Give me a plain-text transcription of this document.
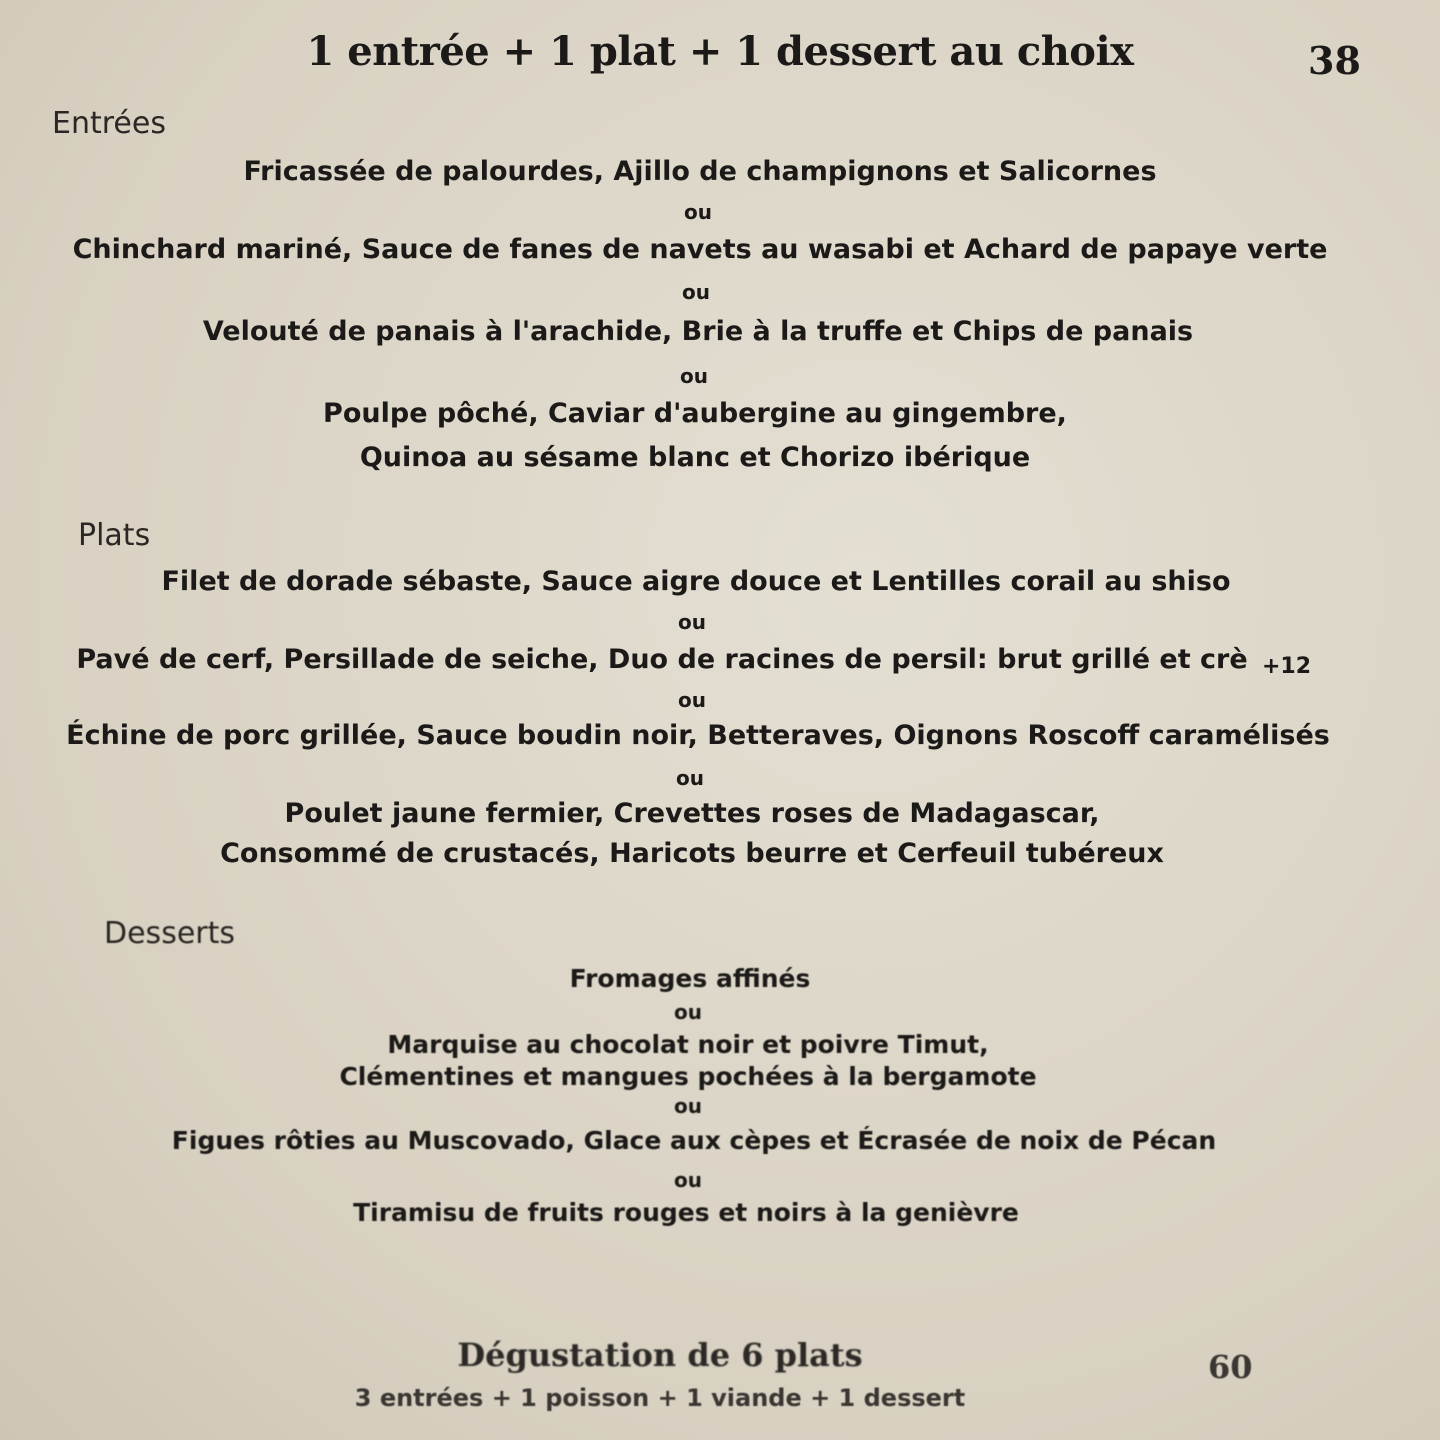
1 entrée + 1 plat + 1 dessert au choix	38
Entrées
Fricassée de palourdes, Ajillo de champignons et Salicornes
ou
Chinchard mariné, Sauce de fanes de navets au wasabi et Achard de papaye verte
ou
Velouté de panais à l'arachide, Brie à la truffe et Chips de panais
ou
Poulpe pôché, Caviar d'aubergine au gingembre,
Quinoa au sésame blanc et Chorizo ibérique
Plats
Filet de dorade sébaste, Sauce aigre douce et Lentilles corail au shiso
ou
Pavé de cerf, Persillade de seiche, Duo de racines de persil: brut grillé et crè +12
ou
Échine de porc grillée, Sauce boudin noir, Betteraves, Oignons Roscoff caramélisés
ou
Poulet jaune fermier, Crevettes roses de Madagascar,
Consommé de crustacés, Haricots beurre et Cerfeuil tubéreux
Desserts
Fromages affinés
ou
Marquise au chocolat noir et poivre Timut,
Clémentines et mangues pochées à la bergamote
ou
Figues rôties au Muscovado, Glace aux cèpes et Écrasée de noix de Pécan
ou
Tiramisu de fruits rouges et noirs à la genièvre
Dégustation de 6 plats	60
3 entrées + 1 poisson + 1 viande + 1 dessert
